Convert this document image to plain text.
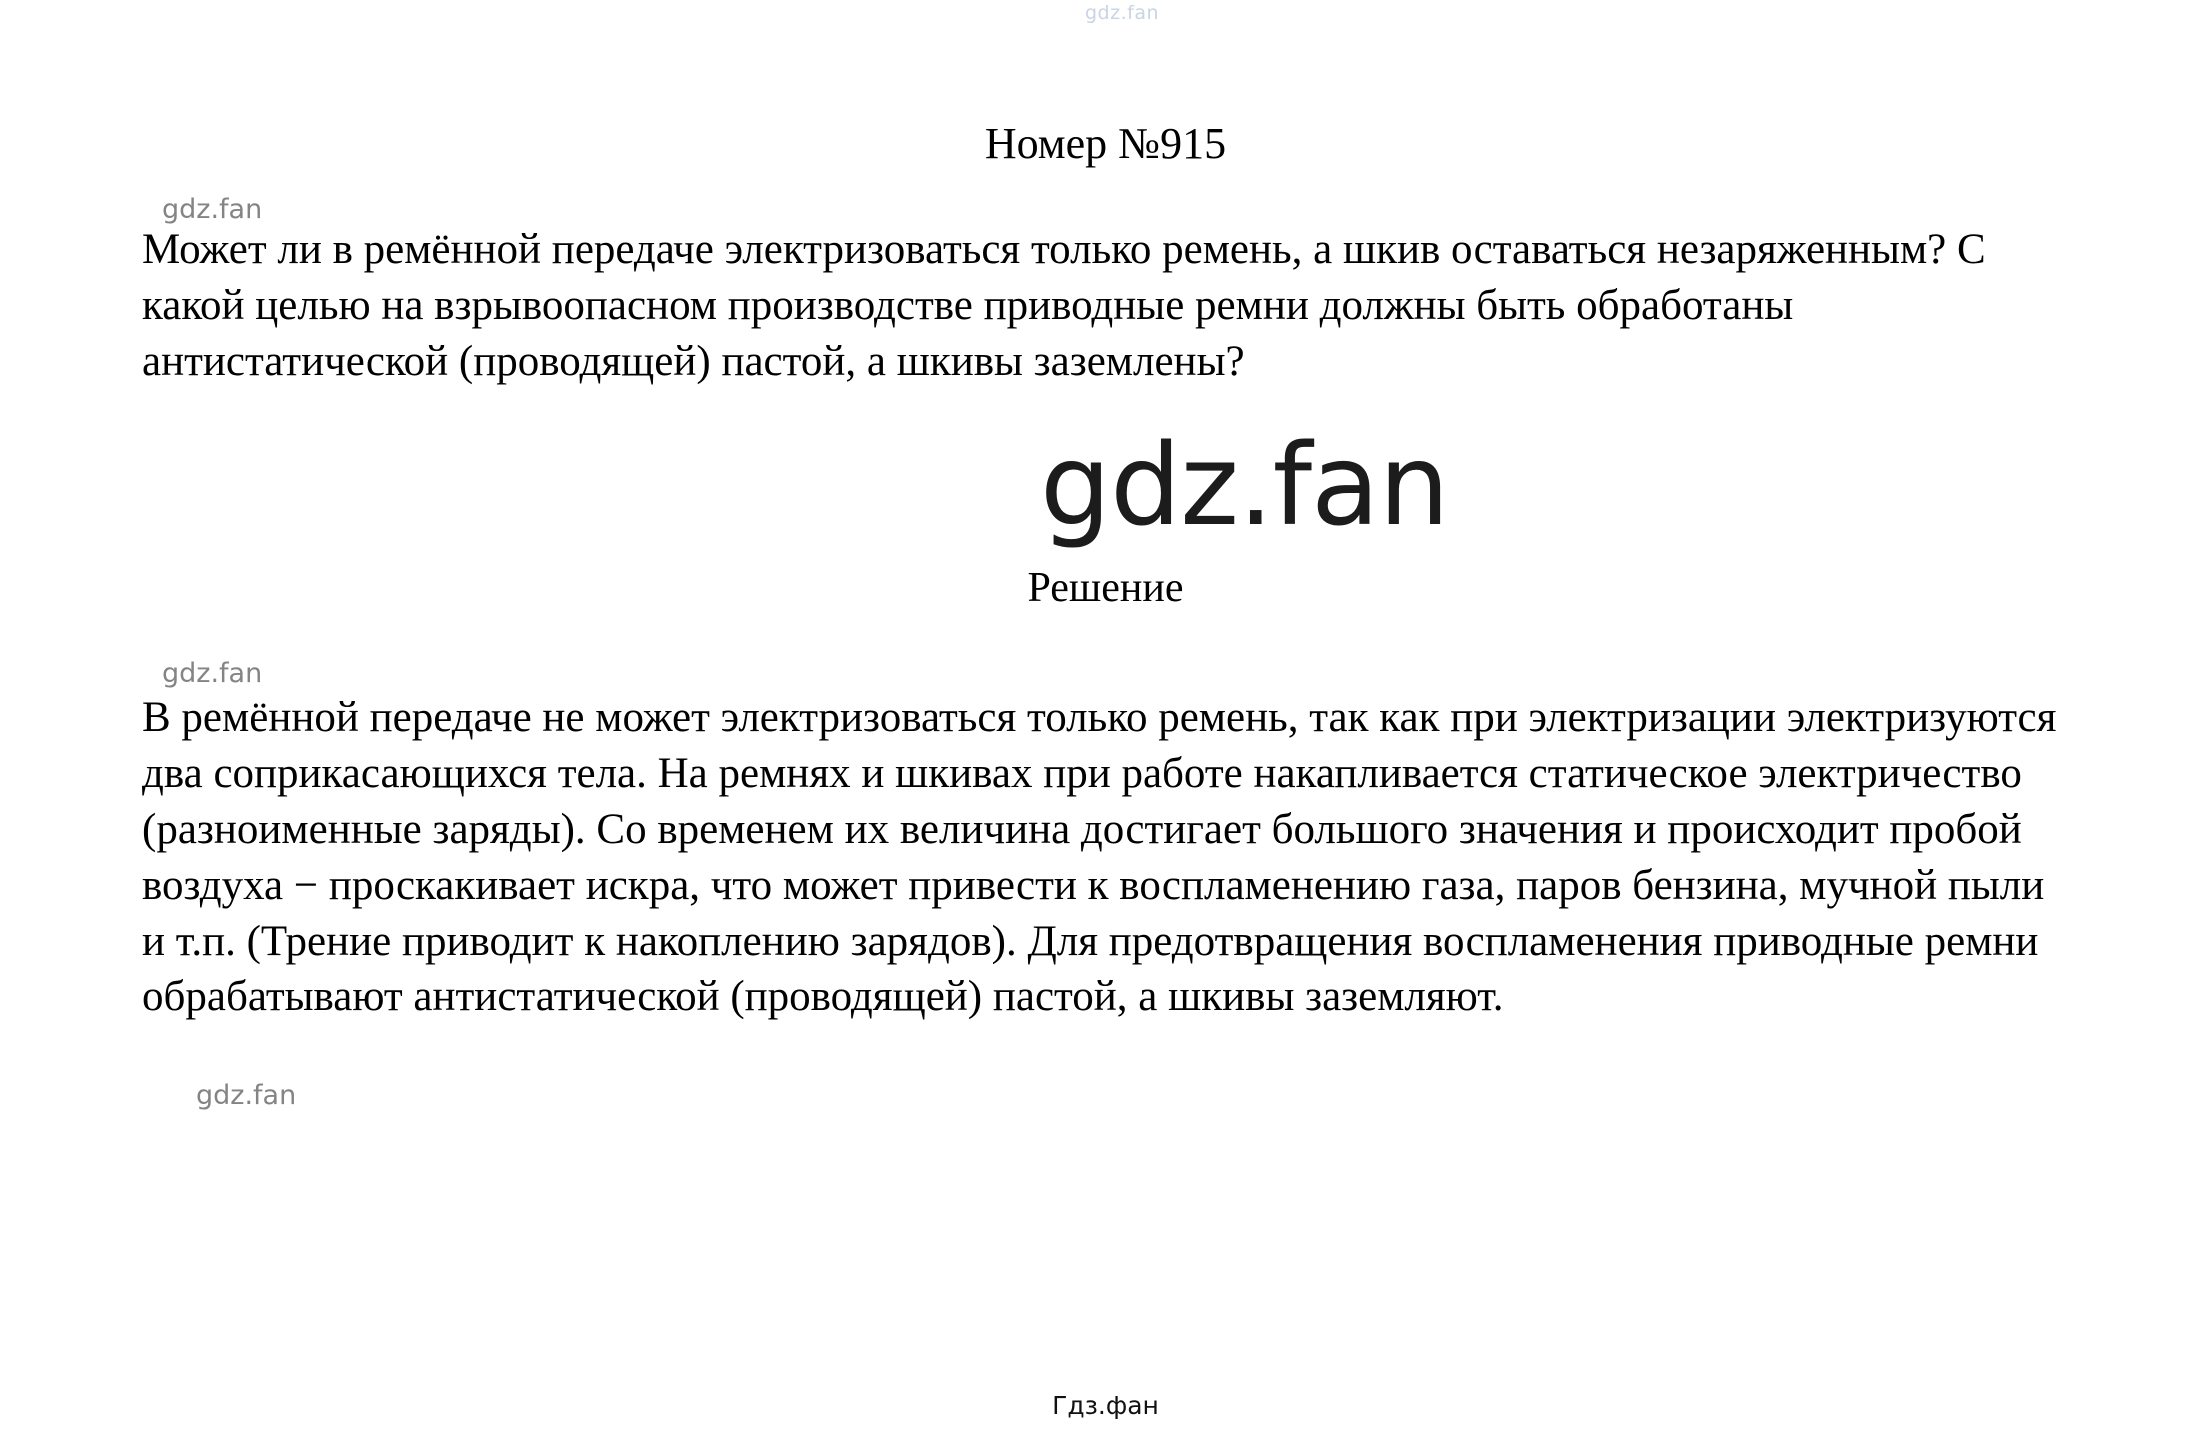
gdz.fan
Номер №915

Может ли в ремённой передаче электризоваться только ремень, а шкив оставаться незаряженным? С какой целью на взрывоопасном производстве приводные ремни должны быть обработаны антистатической (проводящей) пастой, а шкивы заземлены?

gdz.fan
gdz.fan
Решение
gdz.fan

В ремённой передаче не может электризоваться только ремень, так как при электризации электризуются два соприкасающихся тела. На ремнях и шкивах при работе накапливается статическое электричество (разноименные заряды). Со временем их величина достигает большого значения и происходит пробой воздуха − проскакивает искра, что может привести к воспламенению газа, паров бензина, мучной пыли и т.п. (Трение приводит к накоплению зарядов). Для предотвращения воспламенения приводные ремни обрабатывают антистатической (проводящей) пастой, а шкивы заземляют.

gdz.fan
Гдз.фан
